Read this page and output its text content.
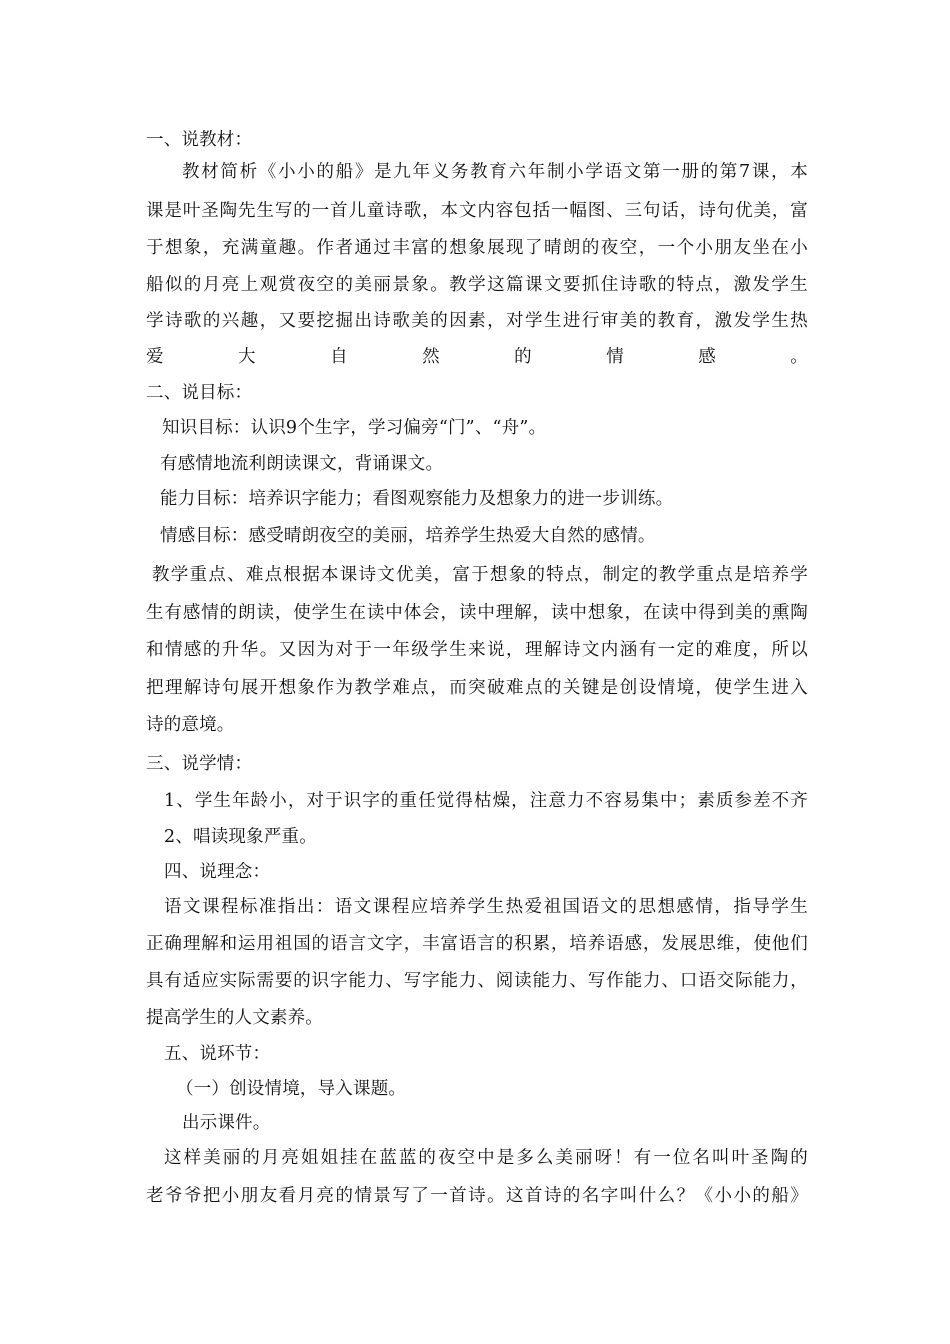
一、说教材：
教材简析《小小的船》是九年义务教育六年制小学语文第一册的第7课，本
课是叶圣陶先生写的一首儿童诗歌，本文内容包括一幅图、三句话，诗句优美，富
于想象，充满童趣。作者通过丰富的想象展现了晴朗的夜空，一个小朋友坐在小
船似的月亮上观赏夜空的美丽景象。教学这篇课文要抓住诗歌的特点，激发学生
学诗歌的兴趣，又要挖掘出诗歌美的因素，对学生进行审美的教育，激发学生热
爱大自然的情感。
二、说目标：
知识目标：认识9个生字，学习偏旁“门”、“舟”。
有感情地流利朗读课文，背诵课文。
能力目标：培养识字能力；看图观察能力及想象力的进一步训练。
情感目标：感受晴朗夜空的美丽，培养学生热爱大自然的感情。
教学重点、难点根据本课诗文优美，富于想象的特点，制定的教学重点是培养学
生有感情的朗读，使学生在读中体会，读中理解，读中想象，在读中得到美的熏陶
和情感的升华。又因为对于一年级学生来说，理解诗文内涵有一定的难度，所以
把理解诗句展开想象作为教学难点，而突破难点的关键是创设情境，使学生进入
诗的意境。
三、说学情：
1、学生年龄小，对于识字的重任觉得枯燥，注意力不容易集中；素质参差不齐
2、唱读现象严重。
四、说理念：
语文课程标准指出：语文课程应培养学生热爱祖国语文的思想感情，指导学生
正确理解和运用祖国的语言文字，丰富语言的积累，培养语感，发展思维，使他们
具有适应实际需要的识字能力、写字能力、阅读能力、写作能力、口语交际能力，
提高学生的人文素养。
五、说环节：
（一）创设情境，导入课题。
出示课件。
这样美丽的月亮姐姐挂在蓝蓝的夜空中是多么美丽呀！有一位名叫叶圣陶的
老爷爷把小朋友看月亮的情景写了一首诗。这首诗的名字叫什么？《小小的船》
